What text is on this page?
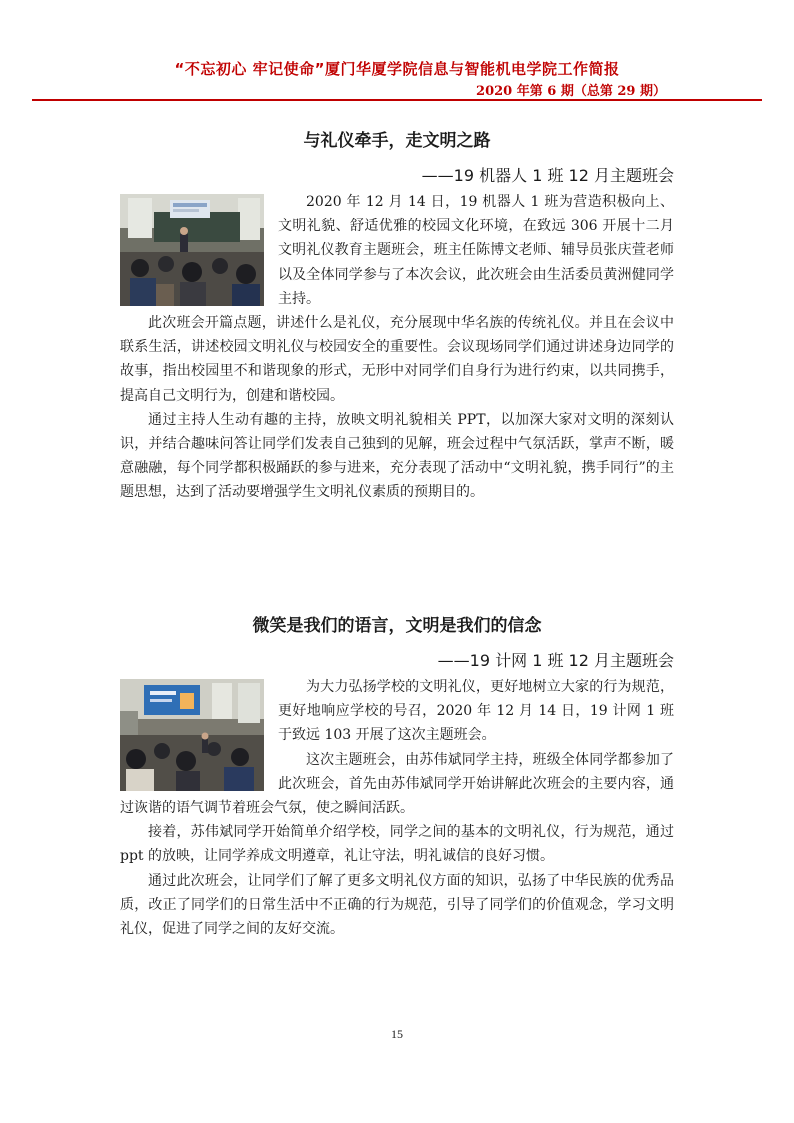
“不忘初心 牢记使命”厦门华厦学院信息与智能机电学院工作简报
2020 年第 6 期（总第 29 期）
与礼仪牵手，走文明之路
——19 机器人 1 班 12 月主题班会

2020 年 12 月 14 日，19 机器人 1 班为营造积极向上、文明礼貌、舒适优雅的校园文化环境，在致远 306 开展十二月文明礼仪教育主题班会，班主任陈博文老师、辅导员张庆萱老师以及全体同学参与了本次会议，此次班会由生活委员黄洲健同学主持。

此次班会开篇点题，讲述什么是礼仪，充分展现中华名族的传统礼仪。并且在会议中联系生活，讲述校园文明礼仪与校园安全的重要性。会议现场同学们通过讲述身边同学的故事，指出校园里不和谐现象的形式，无形中对同学们自身行为进行约束，以共同携手，提高自己文明行为，创建和谐校园。

通过主持人生动有趣的主持，放映文明礼貌相关 PPT，以加深大家对文明的深刻认识，并结合趣味问答让同学们发表自己独到的见解，班会过程中气氛活跃，掌声不断，暖意融融，每个同学都积极踊跃的参与进来，充分表现了活动中“文明礼貌，携手同行”的主题思想，达到了活动要增强学生文明礼仪素质的预期目的。

微笑是我们的语言，文明是我们的信念
——19 计网 1 班 12 月主题班会

为大力弘扬学校的文明礼仪，更好地树立大家的行为规范，更好地响应学校的号召，2020 年 12 月 14 日，19 计网 1 班于致远 103 开展了这次主题班会。

这次主题班会，由苏伟斌同学主持，班级全体同学都参加了此次班会，首先由苏伟斌同学开始讲解此次班会的主要内容，通过诙谐的语气调节着班会气氛，使之瞬间活跃。

接着，苏伟斌同学开始简单介绍学校，同学之间的基本的文明礼仪，行为规范，通过 ppt 的放映，让同学养成文明遵章，礼让守法，明礼诚信的良好习惯。

通过此次班会，让同学们了解了更多文明礼仪方面的知识，弘扬了中华民族的优秀品质，改正了同学们的日常生活中不正确的行为规范，引导了同学们的价值观念，学习文明礼仪，促进了同学之间的友好交流。

15
